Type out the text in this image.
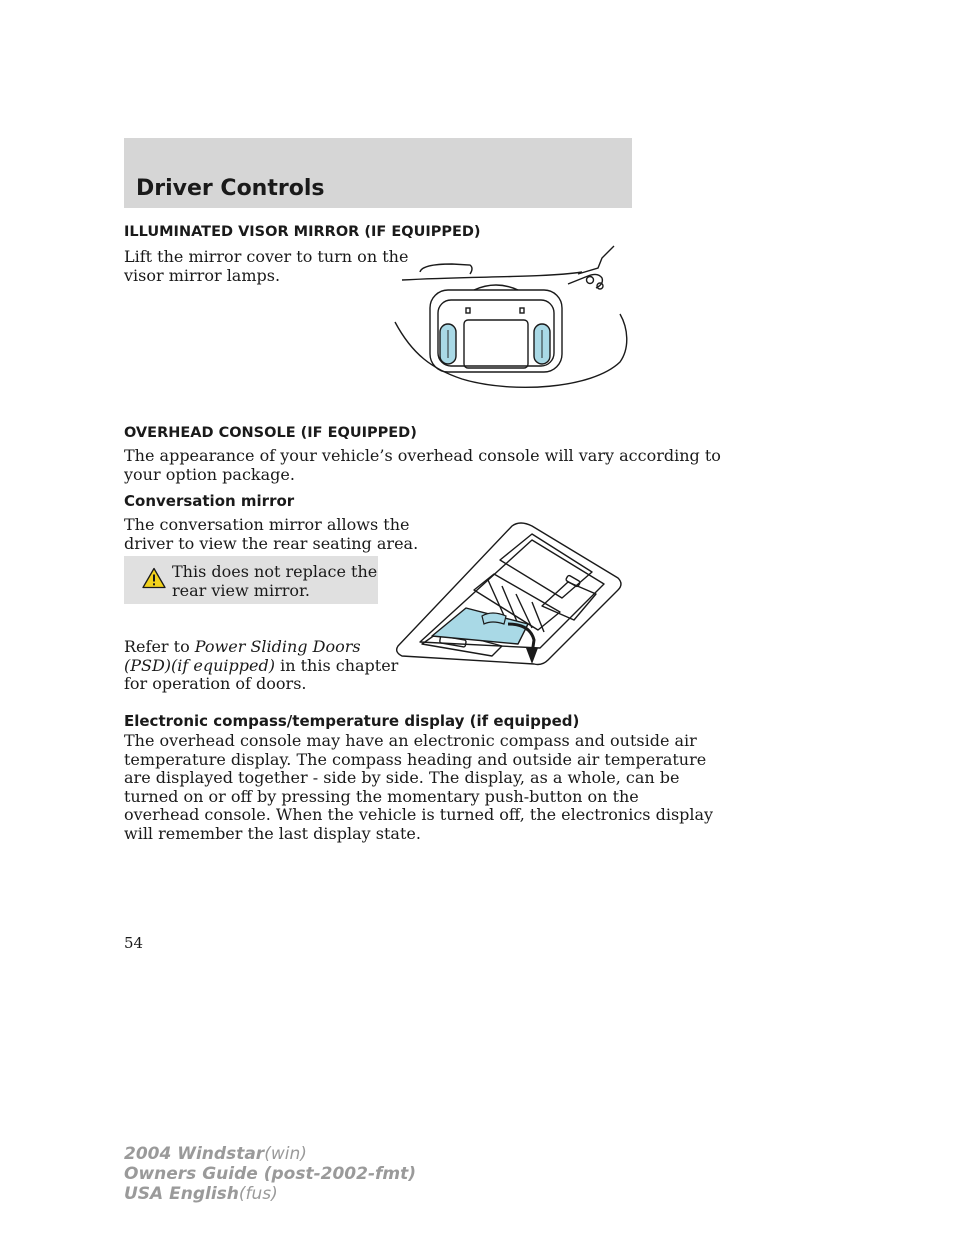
Driver Controls
ILLUMINATED VISOR MIRROR (IF EQUIPPED)

Lift the mirror cover to turn on the

visor mirror lamps.

OVERHEAD CONSOLE (IF EQUIPPED)

The appearance of your vehicle’s overhead console will vary according to

your option package.

Conversation mirror

The conversation mirror allows the

driver to view the rear seating area.

This does not replace the

rear view mirror.

Refer to Power Sliding Doors

(PSD)(if equipped) in this chapter

for operation of doors.

Electronic compass/temperature display (if equipped)

The overhead console may have an electronic compass and outside air

temperature display. The compass heading and outside air temperature

are displayed together - side by side. The display, as a whole, can be

turned on or off by pressing the momentary push-button on the

overhead console. When the vehicle is turned off, the electronics display

will remember the last display state.

54

2004 Windstar(win)
Owners Guide (post-2002-fmt)
USA English(fus)
